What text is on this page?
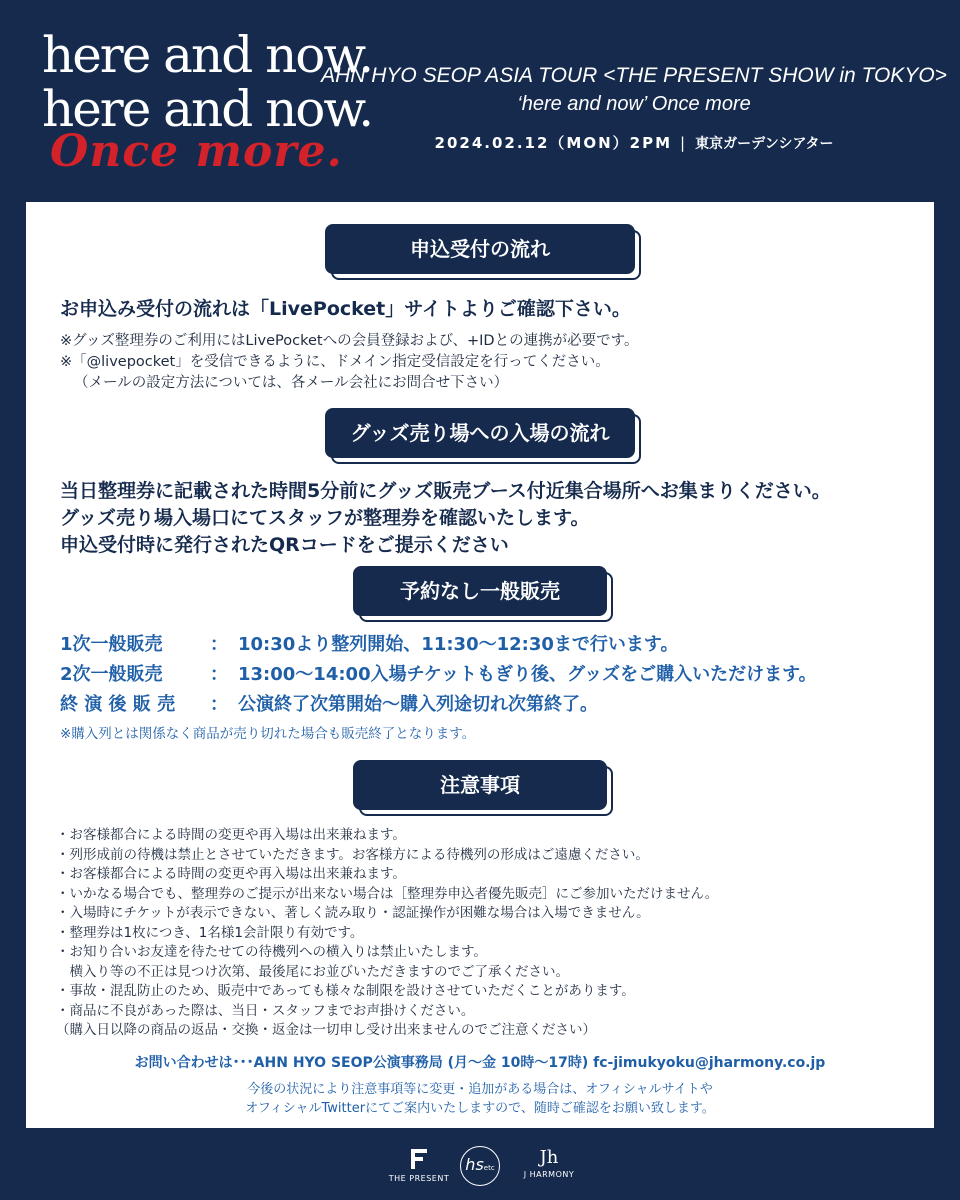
here and now.
here and now.
Once more.
AHN HYO SEOP ASIA TOUR <THE PRESENT SHOW in TOKYO>
‘here and now’ Once more
2024.02.12（MON）2PM | 東京ガーデンシアター
申込受付の流れ
お申込み受付の流れは「LivePocket」サイトよりご確認下さい。
※グッズ整理券のご利用にはLivePocketへの会員登録および、+IDとの連携が必要です。
※「@livepocket」を受信できるように、ドメイン指定受信設定を行ってください。
（メールの設定方法については、各メール会社にお問合せ下さい）
グッズ売り場への入場の流れ
当日整理券に記載された時間5分前にグッズ販売ブース付近集合場所へお集まりください。
グッズ売り場入場口にてスタッフが整理券を確認いたします。
申込受付時に発行されたQRコードをご提示ください
予約なし一般販売
1次一般販売	： 10:30より整列開始、11:30～12:30まで行います。
2次一般販売	： 13:00～14:00入場チケットもぎり後、グッズをご購入いただけます。
終 演 後 販 売 ： 公演終了次第開始～購入列途切れ次第終了。
※購入列とは関係なく商品が売り切れた場合も販売終了となります。
注意事項
・お客様都合による時間の変更や再入場は出来兼ねます。
・列形成前の待機は禁止とさせていただきます。お客様方による待機列の形成はご遠慮ください。
・お客様都合による時間の変更や再入場は出来兼ねます。
・いかなる場合でも、整理券のご提示が出来ない場合は［整理券申込者優先販売］にご参加いただけません。
・入場時にチケットが表示できない、著しく読み取り・認証操作が困難な場合は入場できません。
・整理券は1枚につき、1名様1会計限り有効です。
・お知り合いお友達を待たせての待機列への横入りは禁止いたします。
　横入り等の不正は見つけ次第、最後尾にお並びいただきますのでご了承ください。
・事故・混乱防止のため、販売中であっても様々な制限を設けさせていただくことがあります。
・商品に不良があった際は、当日・スタッフまでお声掛けください。
（購入日以降の商品の返品・交換・返金は一切申し受け出来ませんのでご注意ください）
お問い合わせは･･･AHN HYO SEOP公演事務局 (月～金 10時～17時) fc-jimukyoku@jharmony.co.jp
今後の状況により注意事項等に変更・追加がある場合は、オフィシャルサイトや
オフィシャルTwitterにてご案内いたしますので、随時ご確認をお願い致します。
THE PRESENT
hsetc	Jh
J HARMONY
